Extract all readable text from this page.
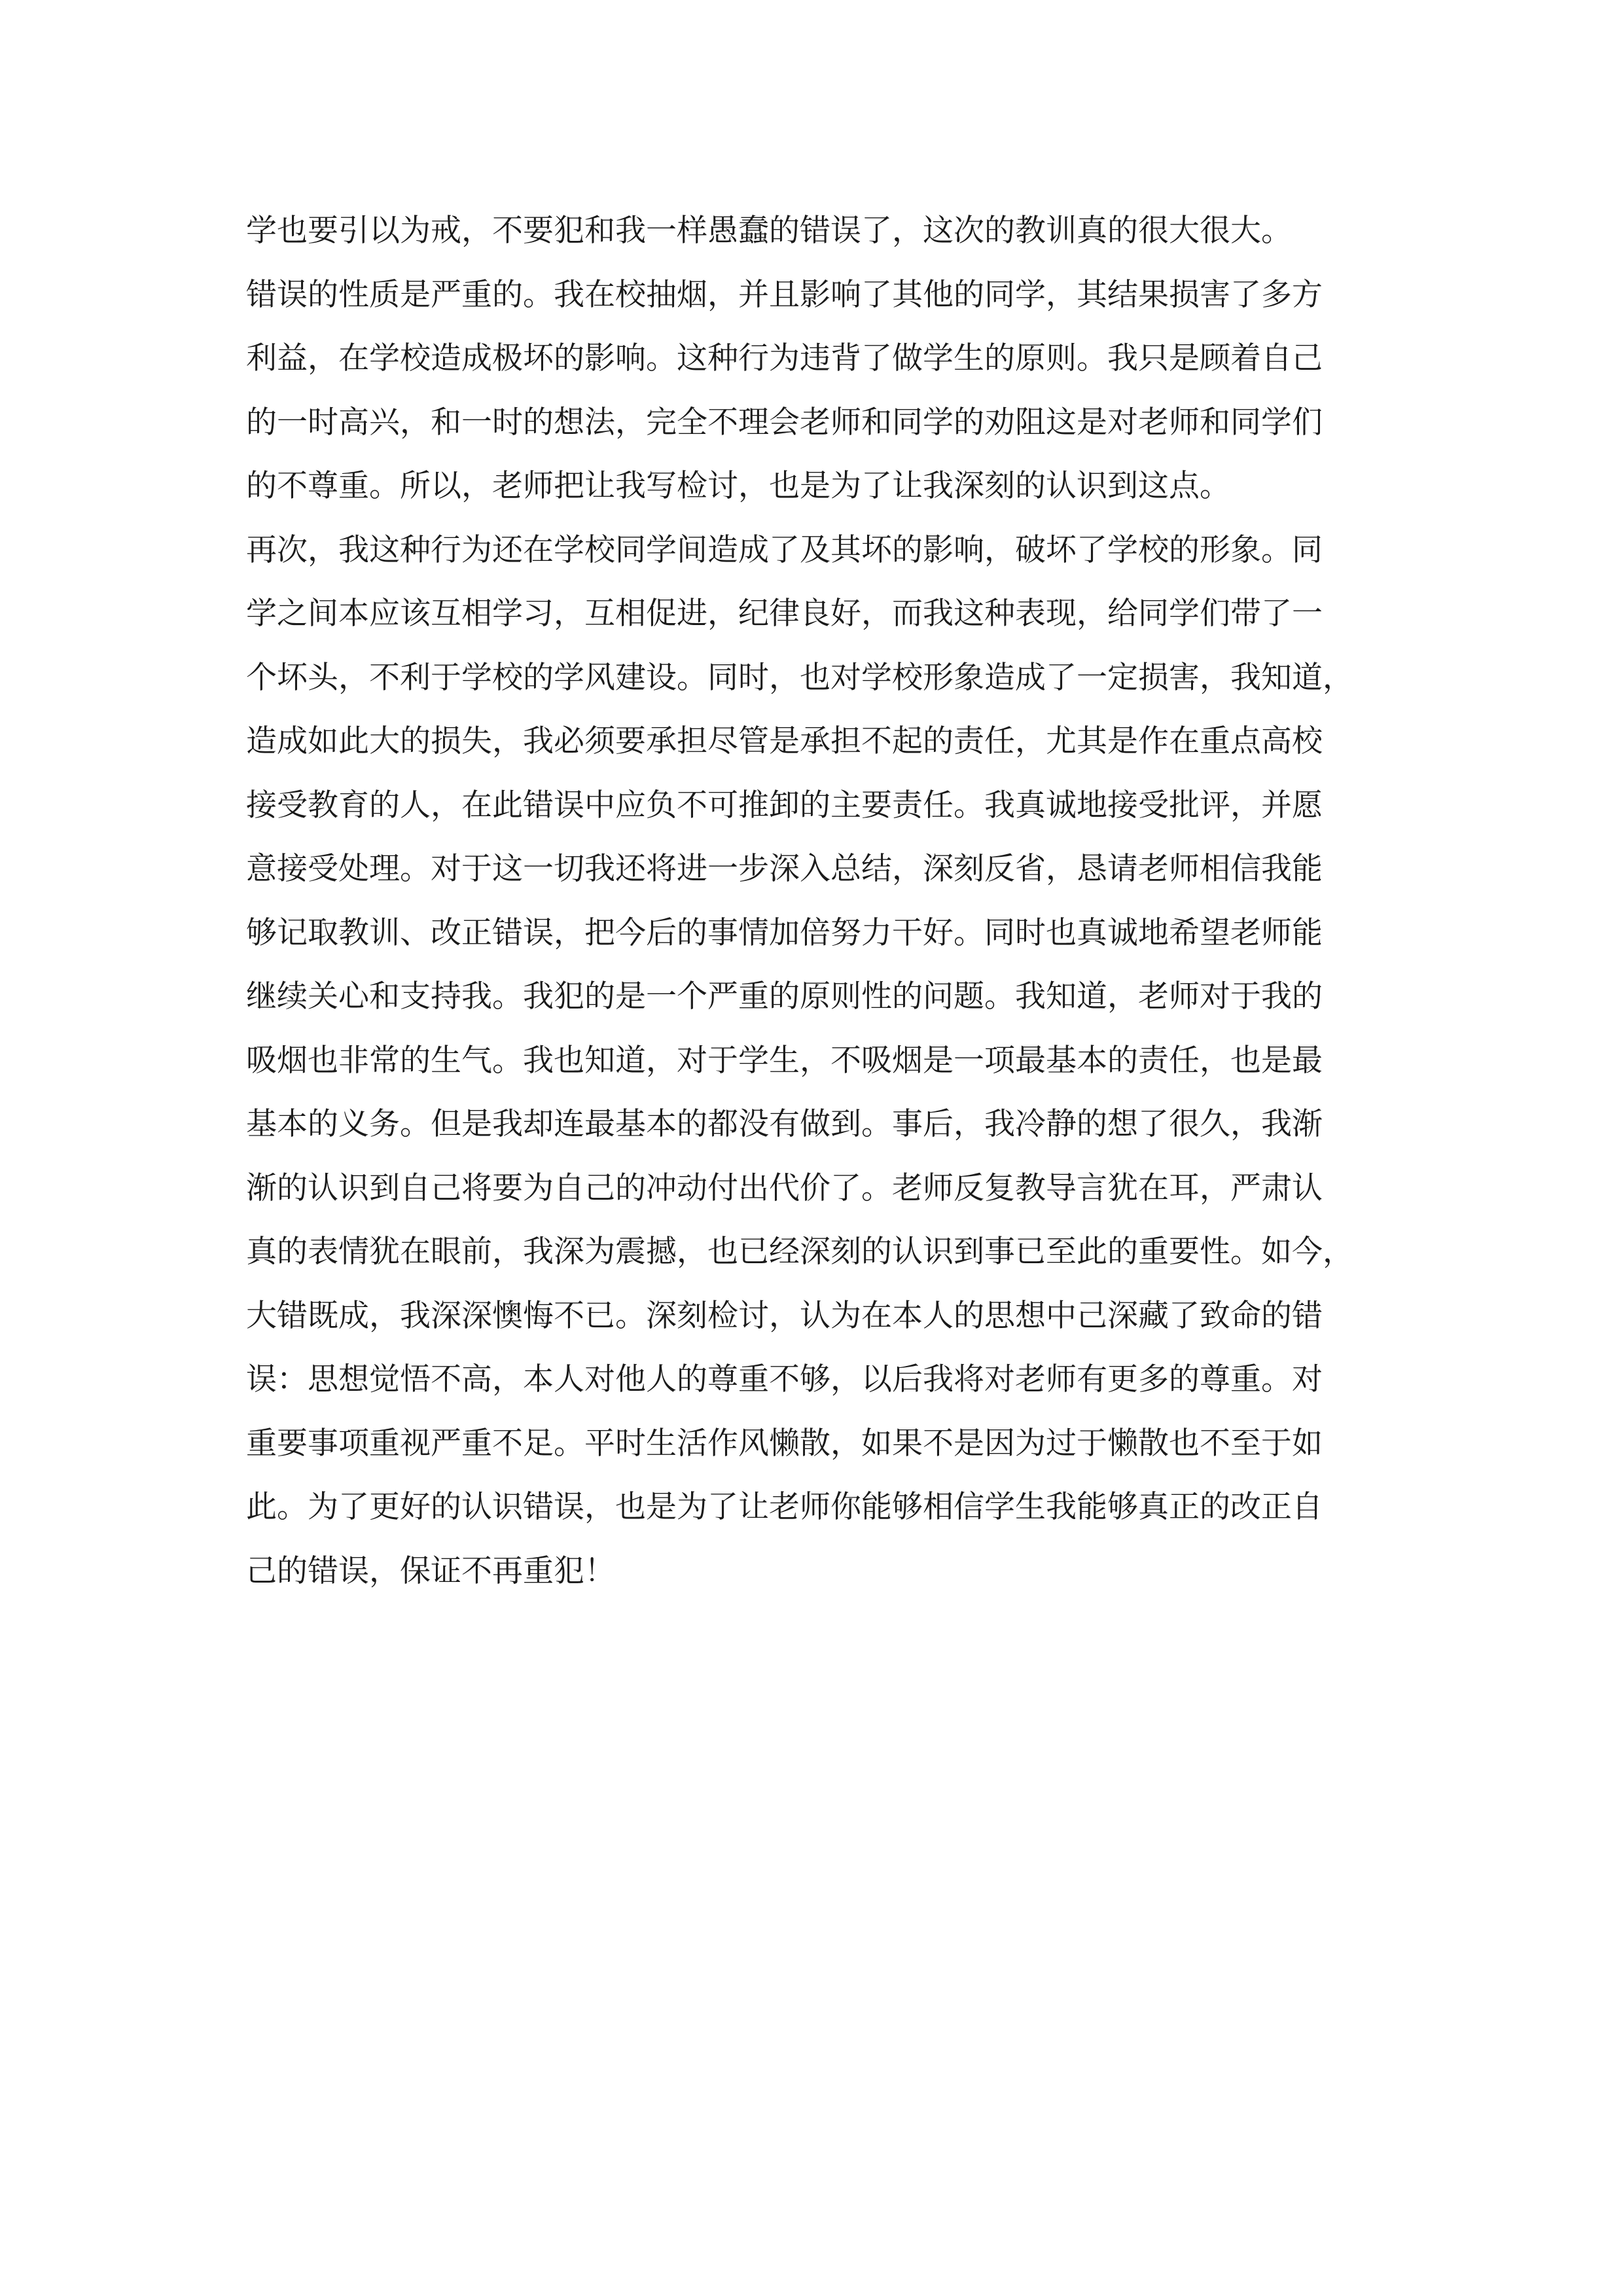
学也要引以为戒，不要犯和我一样愚蠢的错误了，这次的教训真的很大很大。
错误的性质是严重的。我在校抽烟，并且影响了其他的同学，其结果损害了多方
利益，在学校造成极坏的影响。这种行为违背了做学生的原则。我只是顾着自己
的一时高兴，和一时的想法，完全不理会老师和同学的劝阻这是对老师和同学们
的不尊重。所以，老师把让我写检讨，也是为了让我深刻的认识到这点。
再次，我这种行为还在学校同学间造成了及其坏的影响，破坏了学校的形象。同
学之间本应该互相学习，互相促进，纪律良好，而我这种表现，给同学们带了一
个坏头，不利于学校的学风建设。同时，也对学校形象造成了一定损害，我知道，
造成如此大的损失，我必须要承担尽管是承担不起的责任，尤其是作在重点高校
接受教育的人，在此错误中应负不可推卸的主要责任。我真诚地接受批评，并愿
意接受处理。对于这一切我还将进一步深入总结，深刻反省，恳请老师相信我能
够记取教训、改正错误，把今后的事情加倍努力干好。同时也真诚地希望老师能
继续关心和支持我。我犯的是一个严重的原则性的问题。我知道，老师对于我的
吸烟也非常的生气。我也知道，对于学生，不吸烟是一项最基本的责任，也是最
基本的义务。但是我却连最基本的都没有做到。事后，我冷静的想了很久，我渐
渐的认识到自己将要为自己的冲动付出代价了。老师反复教导言犹在耳，严肃认
真的表情犹在眼前，我深为震撼，也已经深刻的认识到事已至此的重要性。如今，
大错既成，我深深懊悔不已。深刻检讨，认为在本人的思想中己深藏了致命的错
误：思想觉悟不高，本人对他人的尊重不够，以后我将对老师有更多的尊重。对
重要事项重视严重不足。平时生活作风懒散，如果不是因为过于懒散也不至于如
此。为了更好的认识错误，也是为了让老师你能够相信学生我能够真正的改正自
己的错误，保证不再重犯！
